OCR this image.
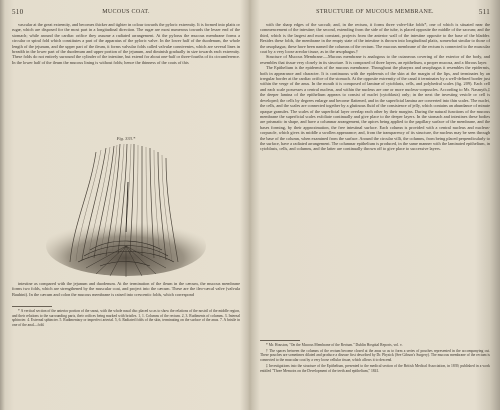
510	MUCOUS COAT.

vascular at the great extremity, and becomes thicker and tighter in colour towards the pyloric extremity. It is formed into plaits or rugæ, which are disposed for the most part in a longitudinal direction. The rugæ are most numerous towards the lesser end of the stomach; while around the cardiac orifice they assume a radiated arrangement. At the pylorus the mucous membrane forms a circular or spiral fold which constitutes a part of the apparatus of the pyloric valve. In the lower half of the duodenum, the whole length of the jejunum, and the upper part of the ileum, it forms valvular folds called valvulæ conniventes, which are several lines in breadth in the lower part of the duodenum and upper portion of the jejunum, and diminish gradually in size towards each extremity. These folds do not entirely surround the cylinder of the intestine, but extend for about one-half or three-fourths of its circumference. In the lower half of the ileum the mucous lining is without folds; hence the thinness of the coats of this

Fig. 333.*

intestine as compared with the jejunum and duodenum. At the termination of the ileum in the cæcum, the mucous membrane forms two folds, which are strengthened by the muscular coat, and project into the cæcum. These are the ileo-cæcal valve (valvula Bauhini). In the cæcum and colon the mucous membrane is raised into crescentic folds, which correspond

* A vertical section of the anterior portion of the snout, with the whole nasal disc placed so as to show the relations of the nostril of the middle region, and their relations to the surrounding parts, their orifices being marked with bristles. 1, 1. Columns of the rectum. 2, 3. Rudiments of columns. 3. Internal sphincter. 4. External sphincter. 5. Rudimentary or imperfect arterial. 5, 6. Radiated folds of the skin, terminating on the surface of the anus. 7. A bristle in one of the anal—fold.

STRUCTURE OF MUCOUS MEMBRANE.	511

with the sharp edges of the sacculi; and, in the rectum, it forms three valve-like folds*, one of which is situated near the commencement of the intestine; the second, extending from the side of the tube, is placed opposite the middle of the sacrum; and the third, which is the largest and most constant, projects from the anterior wall of the intestine opposite to the base of the bladder. Besides these folds, the membrane in the empty state of the intestine is thrown into longitudinal plaits, somewhat similar to those of the œsophagus; these have been named the columns of the rectum. The mucous membrane of the rectum is connected to the muscular coat by a very loose areolar tissue, as in the œsophagus.†

Structure of Mucous Membrane.—Mucous membrane is analogous to the cutaneous covering of the exterior of the body, and resembles that tissue very closely in its structure. It is composed of three layers, an epithelium, a proper mucosa, and a fibrous layer.

The Epithelium is the epidermis of the mucous membrane. Throughout the pharynx and œsophagus it resembles the epidermis, both in appearance and character. It is continuous with the epidermis of the skin at the margin of the lips, and terminates by an irregular border at the cardiac orifice of the stomach. At the opposite extremity of the canal it terminates by a well-defined border just within the verge of the anus. In the mouth it is composed of laminæ of cytoblasts, cells, and polyhedral scales (fig. 209). Each cell and each scale possesses a central nucleus, and within the nucleus are one or more nucleus-corpuscles. According to Mr. Nasmyth,‡ the deeper lamina of the epithelium appears to consist of nuclei (cytoblasts) only; in the next the investing vesicle or cell is developed; the cells by degrees enlarge and become flattened, and in the superficial lamina are converted into thin scales. The nuclei, the cells, and the scales are connected together by a glutinous fluid of the consistence of jelly, which contains an abundance of minute opaque granules. The scales of the superficial layer overlap each other by their margins. During the natural functions of the mucous membrane the superficial scales exfoliate continually and give place to the deeper layers. In the stomach and intestines these bodies are prismatic in shape, and have a columnar arrangement, the apices being applied to the papillary surface of the membrane, and the bases forming, by their approximation, the free intestinal surface. Each column is provided with a central nucleus and nucleus-corpuscle, which gives its middle a swollen appearance; and, from the transparency of its structure, the nucleus may be seen through the base of the column, when examined from the surface. Around the circular villi, the columns, from being placed perpendicularly to the surface, have a radiated arrangement. The columnar epithelium is produced, in the same manner with the laminated epithelium, in cytoblasts, cells, and columns, and the latter are continually thrown off to give place to successive layers.

* Mr. Houston, "On the Mucous Membrane of the Rectum." Dublin Hospital Reports, vol. v.

† The spaces between the columns of the rectum become closed at the anus so as to form a series of pouches represented in the accompanying cut. These pouches are sometimes dilated and produce a disease first described by Dr. Physick (See Gibson's Surgery). The mucous membrane of the rectum is connected to the muscular coat by a very loose cellular tissue, which allows it to descend.

‡ Investigations into the structure of the Epithelium, presented to the medical section of the British Medical Association, in 1839, published in a work entitled "Three Memoirs on the Development of the teeth and epithelium," 1841.
